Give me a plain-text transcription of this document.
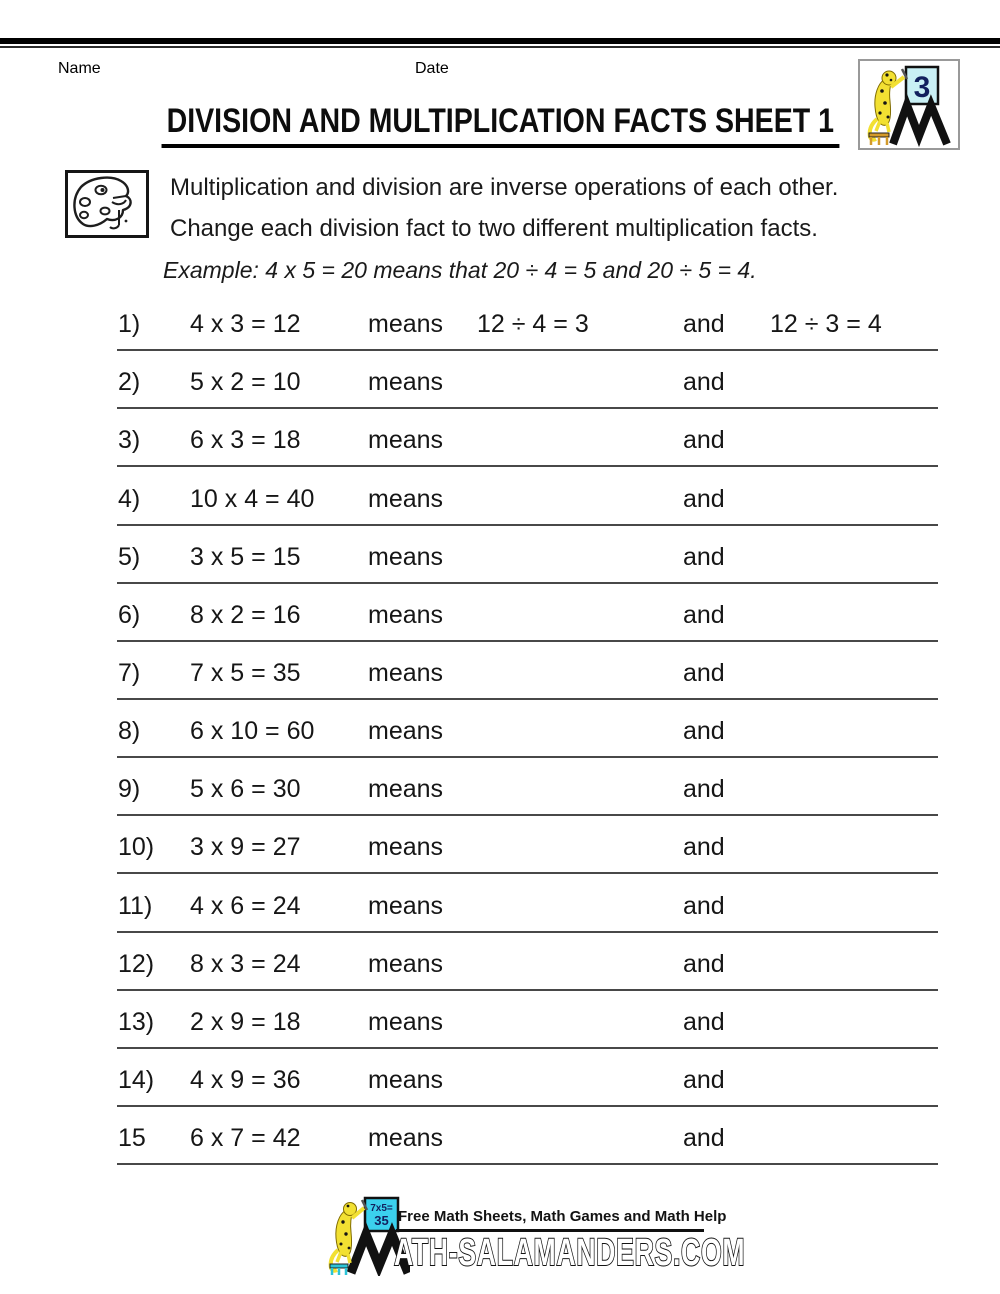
Name	Date
3
DIVISION AND MULTIPLICATION FACTS SHEET 1
Multiplication and division are inverse operations of each other.
Change each division fact to two different multiplication facts.
Example: 4 x 5 = 20 means that 20 ÷ 4 = 5 and 20 ÷ 5 = 4.
1) 4 x 3 = 12	means 12 ÷ 4 = 3	and 12 ÷ 3 = 4
2) 5 x 2 = 10	means	and
3) 6 x 3 = 18	means	and
4) 10 x 4 = 40 means	and
5) 3 x 5 = 15	means	and
6) 8 x 2 = 16	means	and
7) 7 x 5 = 35	means	and
8) 6 x 10 = 60 means	and
9) 5 x 6 = 30	means	and
10) 3 x 9 = 27	means	and
11) 4 x 6 = 24	means	and
12) 8 x 3 = 24	means	and
13) 2 x 9 = 18	means	and
14) 4 x 9 = 36	means	and
15 6 x 7 = 42	means	and
7x5=
35 Free Math Sheets, Math Games and Math Help
ATH-SALAMANDERS.COM
